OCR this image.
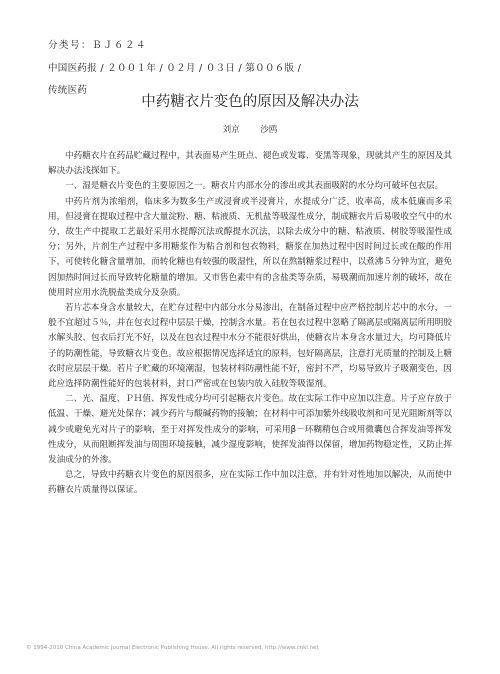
分类号：ＢＪ６２４
中国医药报 / ２００１年 / ０２月 / ０３日 / 第００６版 /
传统医药
中药糖衣片变色的原因及解决办法
刘京 沙鸥

中药糖衣片在药品贮藏过程中，其表面易产生斑点、褪色或发霉、变黑等现象，现就其产生的原因及其解决办法浅探如下。

一、湿是糖衣片变色的主要原因之一。糖衣片内部水分的渗出或其表面吸附的水分均可破坏包衣层。

中药片剂为浓缩剂，临床多为数多生产或浸膏或半浸膏片，水提成分广泛，收率高，成本低廉而多采用，但浸膏在提取过程中含大量淀粉、糖、粘液质、无机盐等吸湿性成分，制成糖衣片后易吸收空气中的水分，故生产中提取工艺最好采用水提醇沉法或醇提水沉法，以除去成分中的糖、粘液质、树胶等吸湿性成分；另外，片剂生产过程中多用糖浆作为粘合剂和包衣物料，糖浆在加热过程中因时间过长或在酸的作用下，可使转化糖含量增加，而转化糖也有较强的吸湿性，所以在熬制糖浆过程中，以煮沸５分钟为宜，避免因加热时间过长而导致转化糖量的增加。又市售色素中有的含盐类等杂质，易吸潮而加速片剂的破坏，故在使用时应用水洗脱盐类成分及杂质。

若片芯本身含水量较大，在贮存过程中内部分水分易渗出，在制备过程中应严格控制片芯中的水分，一般不宜超过５％，并在包衣过程中层层干燥，控制含水量。若在包衣过程中忽略了隔离层或隔离层所用明胶水解头胶、包衣后打光不好，以及在包衣过程中水分不能很好烘出，使糖衣片本身含水量过大，均可降低片子的防潮性能，导致糖衣片变色。故应根据情况选择适宜的原料，包好隔离层，注意打光质量的控制及上糖衣时应层层干燥。若片子贮藏的环境潮湿，包装材料防潮性能不好，密封不严，均易导致片子吸潮变色，因此应选择防潮性能好的包装材料，封口严密或在包装内放入硅胶等吸湿剂。

二、光、温度、ＰＨ值、挥发性成分均可引起糖衣片变色。故在实际工作中应加以注意。片子应存放于低温、干燥、避光处保存；减少药片与酸碱药物的接触；在材料中可添加紫外线吸收剂和可见光阻断剂等以减少或避免光对片子的影响，至于对挥发性成分的影响，可采用β－环糊精包合或用微囊包合挥发油等挥发性成分，从而阻断挥发油与周围环境接触，减少湿度影响，使挥发油得以保留，增加药物稳定性，又防止挥发油成分的外渗。

总之，导致中药糖衣片变色的原因很多，应在实际工作中加以注意，并有针对性地加以解决，从而使中药糖衣片质量得以保证。

© 1994-2010 China Academic Journal Electronic Publishing House. All rights reserved. http://www.cnki.net
